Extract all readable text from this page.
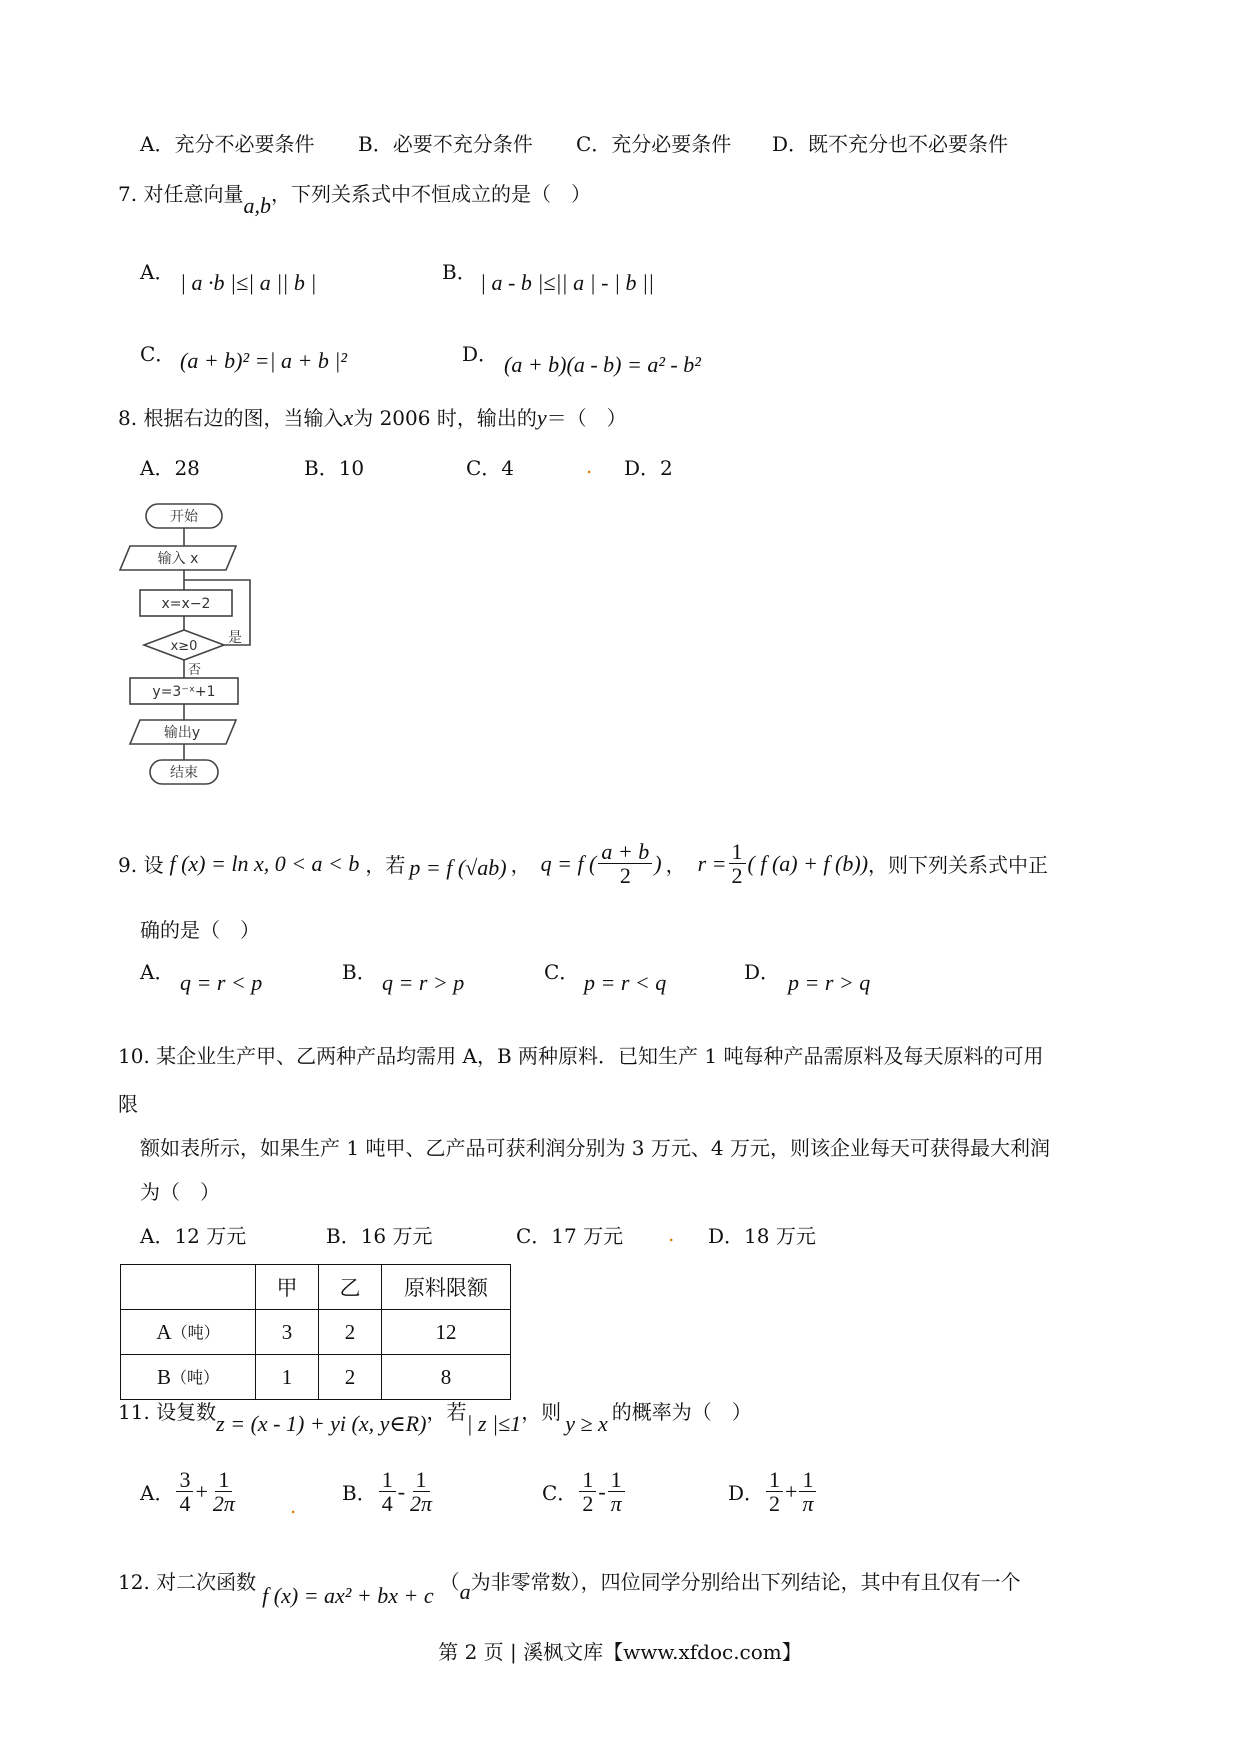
A．充分不必要条件 B．必要不充分条件 C．充分必要条件 D．既不充分也不必要条件
7. 对任意向量a,b，下列关系式中不恒成立的是（　）
A． | a ·b |≤| a || b |	B． | a - b |≤|| a | - | b ||
C． (a + b)² =| a + b |²	D． (a + b)(a - b) = a² - b²
8. 根据右边的图，当输入x为 2006 时，输出的y＝（　）
A．28	B．10	C．4	. D．2
开始
输入 x
x=x−2
x≥0
是
否
y=3⁻ˣ+1
输出y
结束
9. 设 f (x) = ln x, 0 < a < b ，若 p = f (√ab) ， q = f ( $\frac{a + b}{2}$ ) ， $r = \frac{1}{2}$ ( f (a) + f (b)) ，则下列关系式中正
确的是（　）
A． q = r < p	B． q = r > p	C． p = r < q	D． p = r > q
10. 某企业生产甲、乙两种产品均需用 A，B 两种原料．已知生产 1 吨每种产品需原料及每天原料的可用
限
额如表所示，如果生产 1 吨甲、乙产品可获利润分别为 3 万元、4 万元，则该企业每天可获得最大利润
为（　）
A．12 万元	B．16 万元	C．17 万元 . D．18 万元
	甲	乙	原料限额
$A^{(吨)}$	3	2	12
$B^{(吨)}$	1	2	8
11. 设复数z = (x - 1) + yi (x, y∈R)，若| z |≤1，则 y ≥ x 的概率为（　）
A． $\frac{3}{4} + \frac{1}{2\pi}$	.
B． $\frac{1}{4} - \frac{1}{2\pi}$	C． $\frac{1}{2} - \frac{1}{\pi}$	D． $\frac{1}{2} + \frac{1}{\pi}$
12. 对二次函数f (x) = ax² + bx + c（a为非零常数），四位同学分别给出下列结论，其中有且仅有一个
第 2 页 | 溪枫文库【www.xfdoc.com】
